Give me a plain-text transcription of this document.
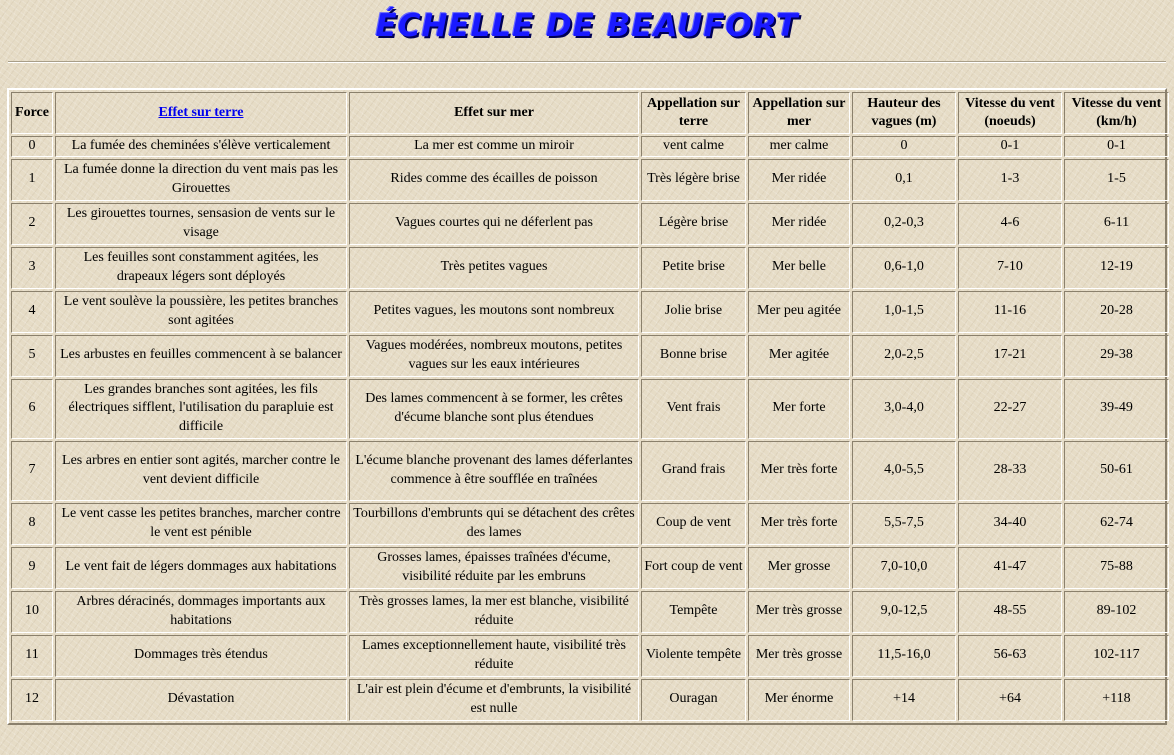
ÉCHELLE DE BEAUFORT
Force	Effet sur terre	Effet sur mer	Appellation sur terre	Appellation sur mer	Hauteur des vagues (m)	Vitesse du vent (noeuds)	Vitesse du vent (km/h)
0	La fumée des cheminées s'élève verticalement	La mer est comme un miroir	vent calme	mer calme	0	0-1	0-1
1	La fumée donne la direction du vent mais pas les Girouettes	Rides comme des écailles de poisson	Très légère brise	Mer ridée	0,1	1-3	1-5
2	Les girouettes tournes, sensasion de vents sur le visage	Vagues courtes qui ne déferlent pas	Légère brise	Mer ridée	0,2-0,3	4-6	6-11
3	Les feuilles sont constamment agitées, les drapeaux légers sont déployés	Très petites vagues	Petite brise	Mer belle	0,6-1,0	7-10	12-19
4	Le vent soulève la poussière, les petites branches sont agitées	Petites vagues, les moutons sont nombreux	Jolie brise	Mer peu agitée	1,0-1,5	11-16	20-28
5	Les arbustes en feuilles commencent à se balancer	Vagues modérées, nombreux moutons, petites vagues sur les eaux intérieures	Bonne brise	Mer agitée	2,0-2,5	17-21	29-38
6	Les grandes branches sont agitées, les fils électriques sifflent, l'utilisation du parapluie est difficile	Des lames commencent à se former, les crêtes d'écume blanche sont plus étendues	Vent frais	Mer forte	3,0-4,0	22-27	39-49
7	Les arbres en entier sont agités, marcher contre le vent devient difficile	L'écume blanche provenant des lames déferlantes commence à être soufflée en traînées	Grand frais	Mer très forte	4,0-5,5	28-33	50-61
8	Le vent casse les petites branches, marcher contre le vent est pénible	Tourbillons d'embrunts qui se détachent des crêtes des lames	Coup de vent	Mer très forte	5,5-7,5	34-40	62-74
9	Le vent fait de légers dommages aux habitations	Grosses lames, épaisses traînées d'écume, visibilité réduite par les embruns	Fort coup de vent	Mer grosse	7,0-10,0	41-47	75-88
10	Arbres déracinés, dommages importants aux habitations	Très grosses lames, la mer est blanche, visibilité réduite	Tempête	Mer très grosse	9,0-12,5	48-55	89-102
11	Dommages très étendus	Lames exceptionnellement haute, visibilité très réduite	Violente tempête	Mer très grosse	11,5-16,0	56-63	102-117
12	Dévastation	L'air est plein d'écume et d'embrunts, la visibilité est nulle	Ouragan	Mer énorme	+14	+64	+118
